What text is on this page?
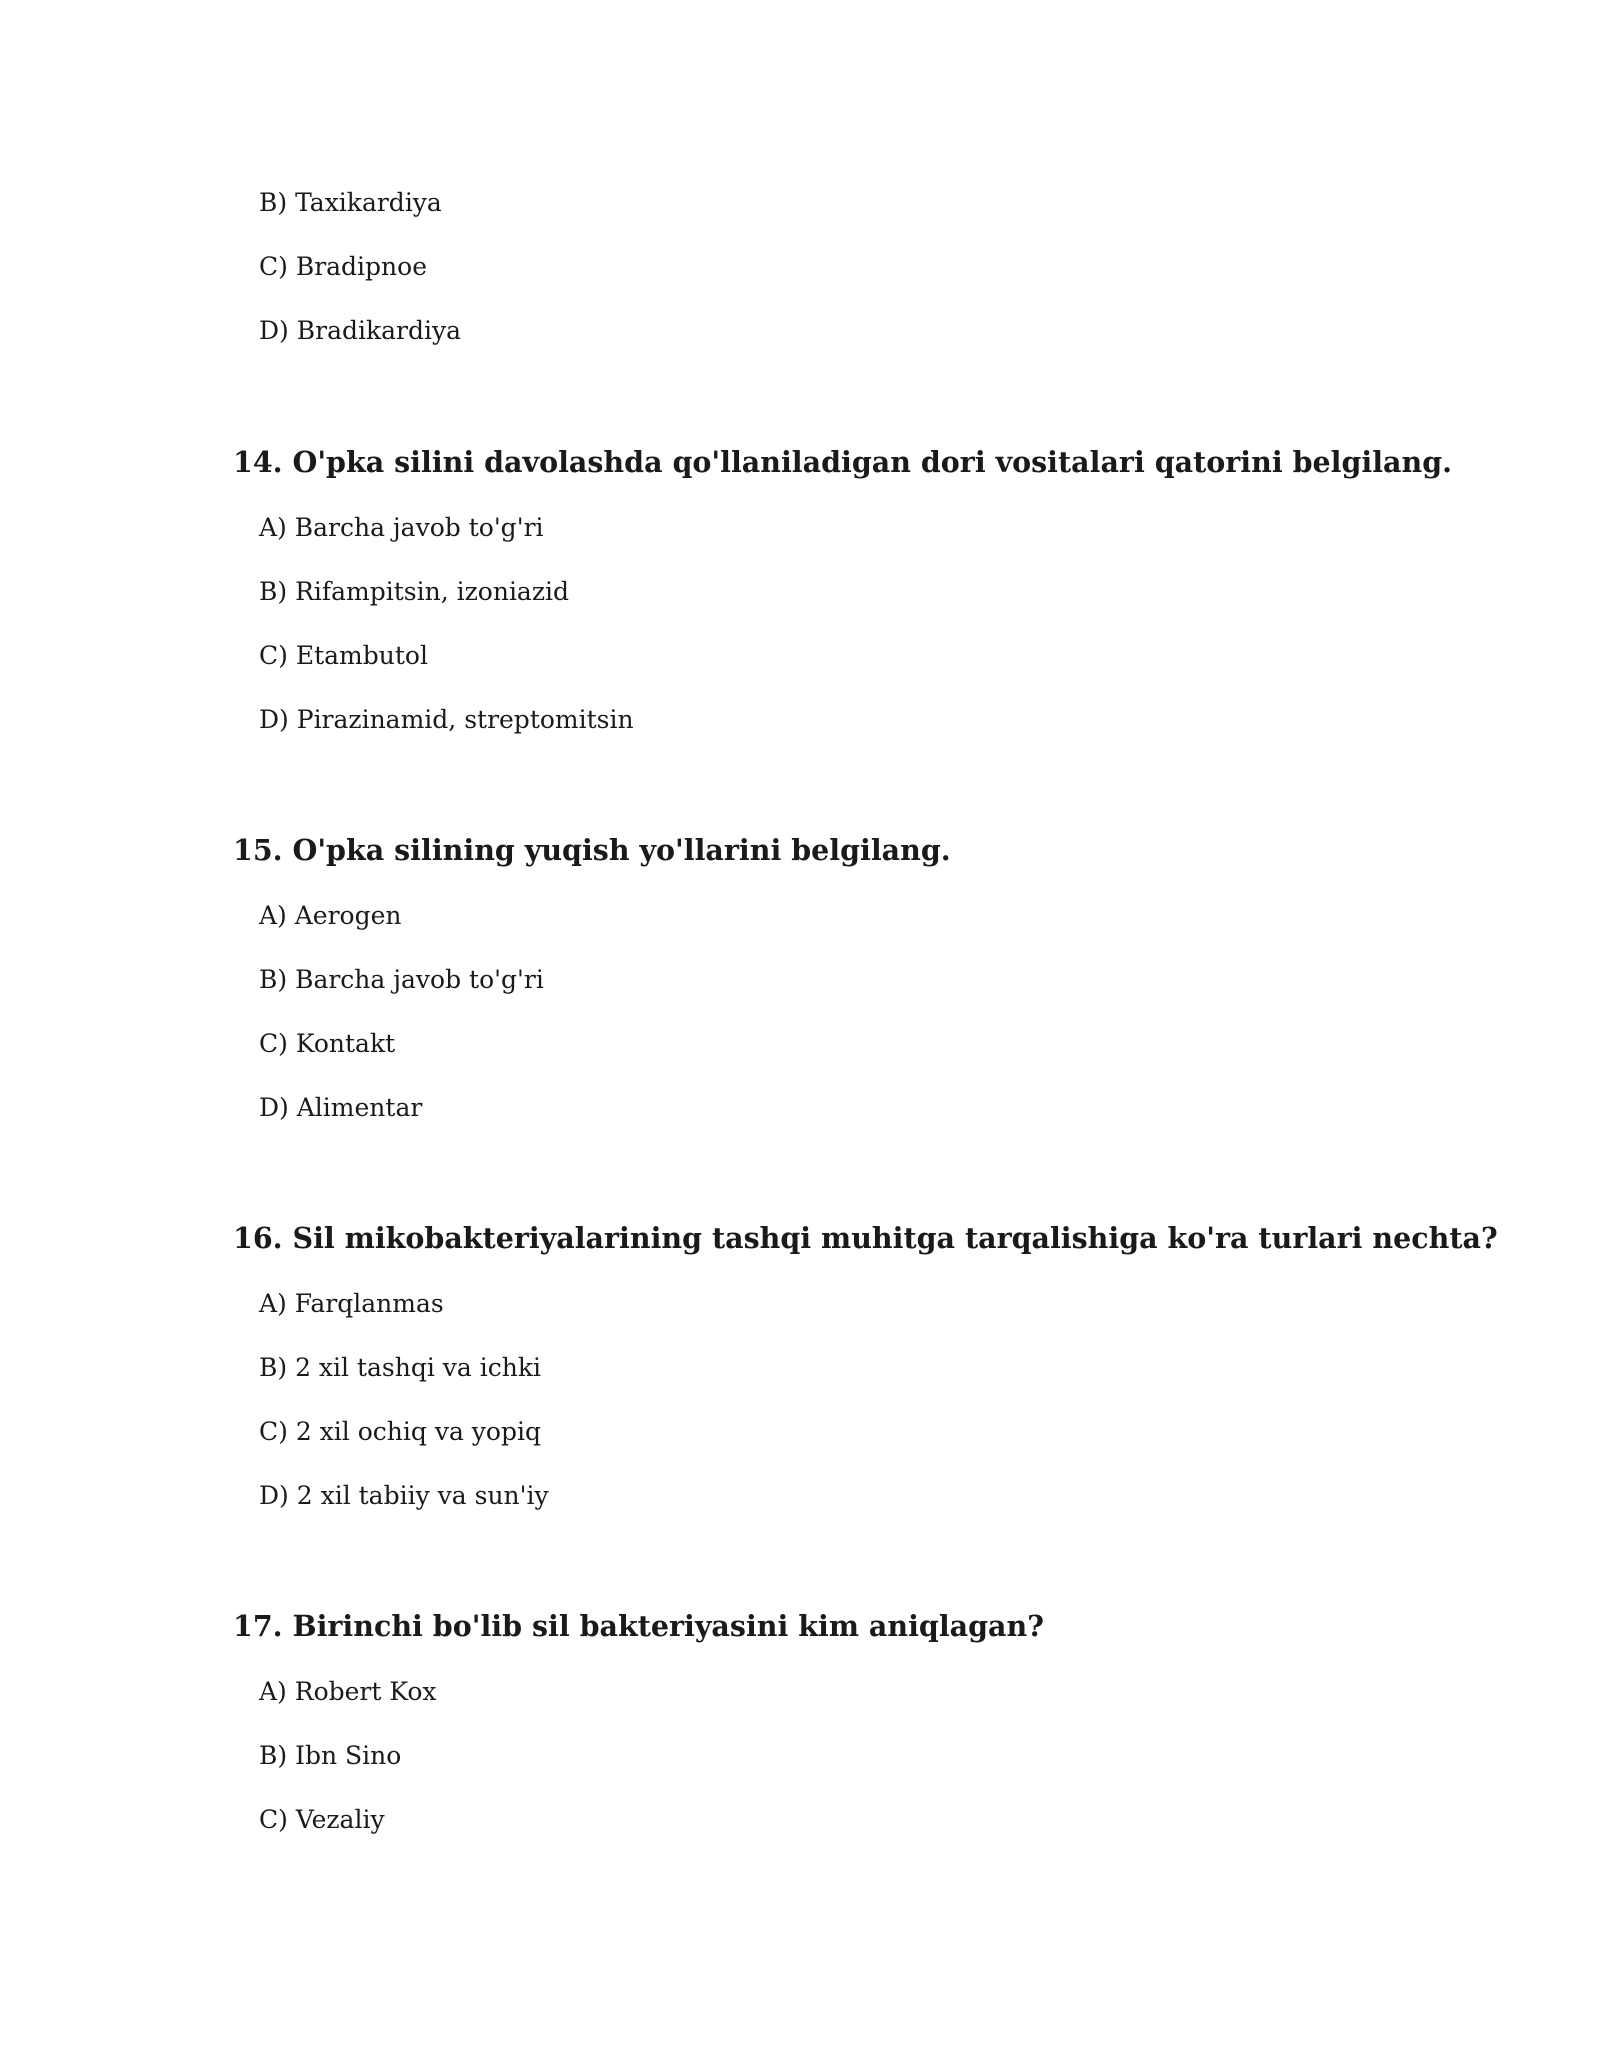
B) Taxikardiya
C) Bradipnoe
D) Bradikardiya
14. O'pka silini davolashda qo'llaniladigan dori vositalari qatorini belgilang.
A) Barcha javob to'g'ri
B) Rifampitsin, izoniazid
C) Etambutol
D) Pirazinamid, streptomitsin
15. O'pka silining yuqish yo'llarini belgilang.
A) Aerogen
B) Barcha javob to'g'ri
C) Kontakt
D) Alimentar
16. Sil mikobakteriyalarining tashqi muhitga tarqalishiga ko'ra turlari nechta?
A) Farqlanmas
B) 2 xil tashqi va ichki
C) 2 xil ochiq va yopiq
D) 2 xil tabiiy va sun'iy
17. Birinchi bo'lib sil bakteriyasini kim aniqlagan?
A) Robert Kox
B) Ibn Sino
C) Vezaliy
